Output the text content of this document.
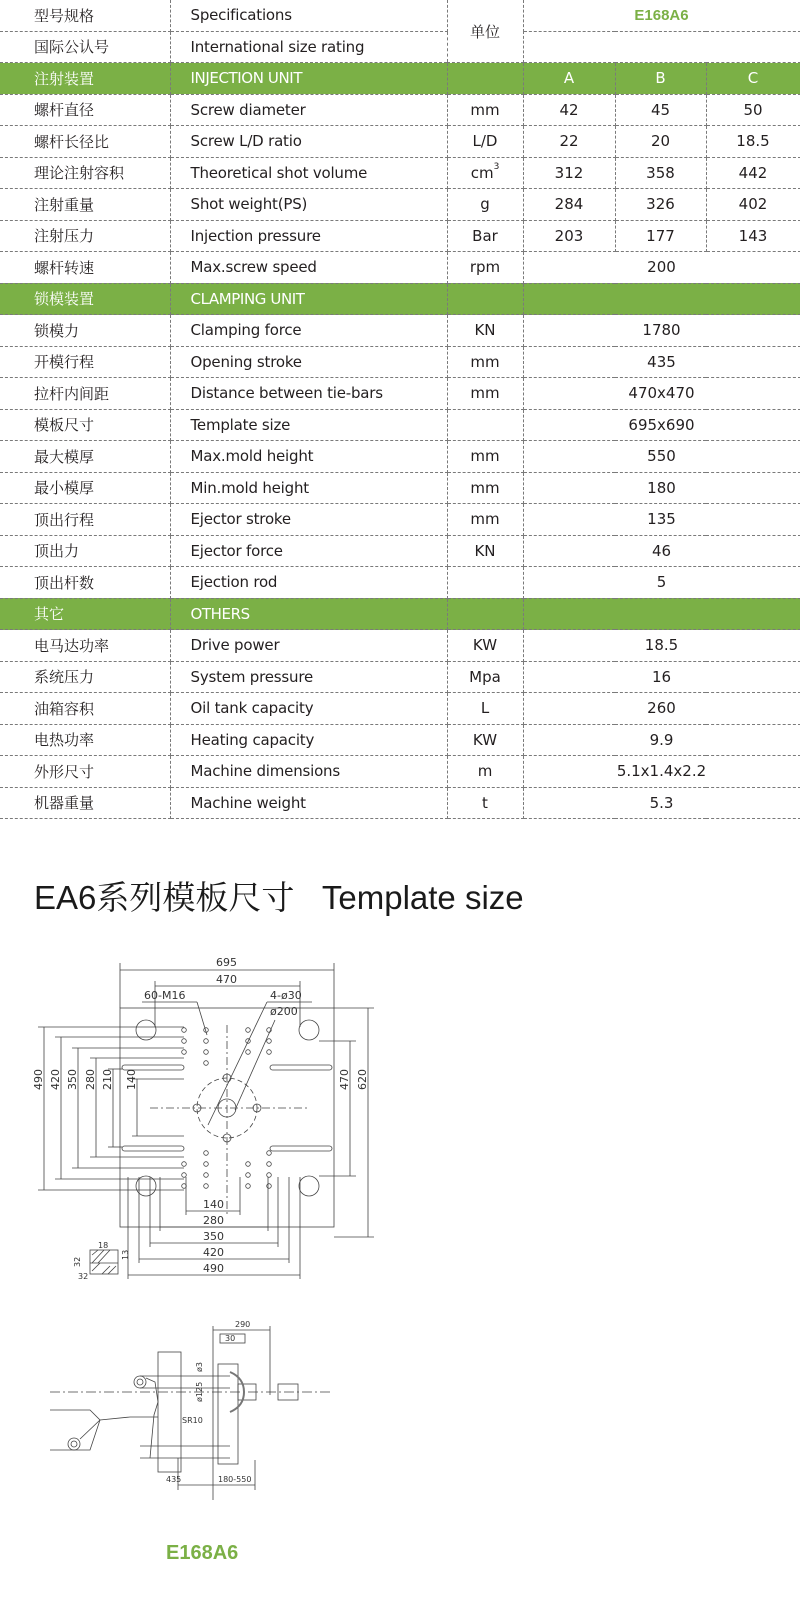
型号规格	Specifications	单位	E168A6		
国际公认号	International size rating				
注射装置	INJECTION UNIT		A	B	C
螺杆直径	Screw diameter	mm	42	45	50
螺杆长径比	Screw L/D ratio	L/D	22	20	18.5
理论注射容积	Theoretical shot volume	$cm^3$	312	358	442
注射重量	Shot weight(PS)	g	284	326	402
注射压力	Injection pressure	Bar	203	177	143
螺杆转速	Max.screw speed	rpm	200		
锁模装置	CLAMPING UNIT				
锁模力	Clamping force	KN	1780		
开模行程	Opening stroke	mm	435		
拉杆内间距	Distance between tie-bars	mm	470x470		
模板尺寸	Template size		695x690		
最大模厚	Max.mold height	mm	550		
最小模厚	Min.mold height	mm	180		
顶出行程	Ejector stroke	mm	135		
顶出力	Ejector force	KN	46		
顶出杆数	Ejection rod		5		
其它	OTHERS				
电马达功率	Drive power	KW	18.5		
系统压力	System pressure	Mpa	16		
油箱容积	Oil tank capacity	L	260		
电热功率	Heating capacity	KW	9.9		
外形尺寸	Machine dimensions	m	5.1x1.4x2.2		
机器重量	Machine weight	t	5.3		
EA6系列模板尺寸   Template size
695
470
60-M16	4-ø30
ø200
490 420 350 280 210 140	470 620
140
280
350
420
490
32
18
13
32
290
30
ø3
ø125
SR10
435	180-550
E168A6
